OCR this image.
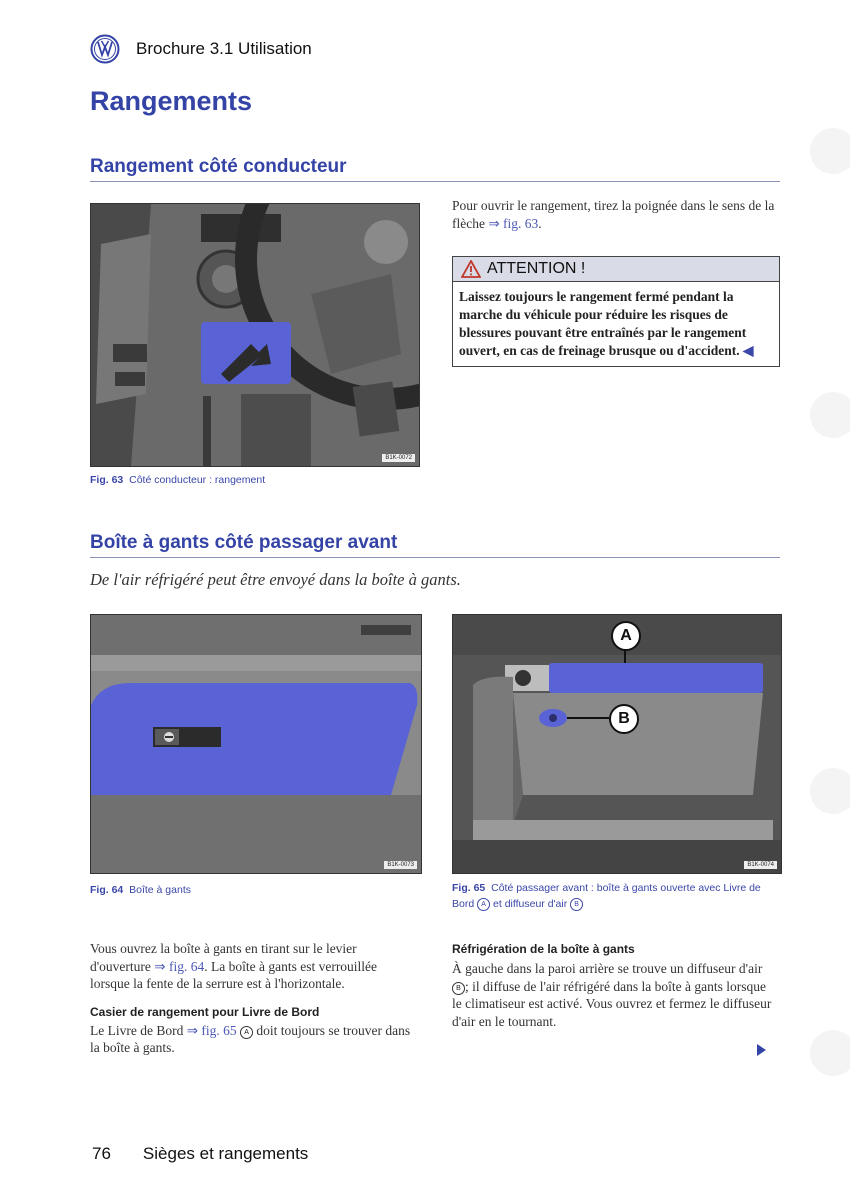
Brochure 3.1 Utilisation
Rangements
Rangement côté conducteur
B1K-0072
Fig. 63 Côté conducteur : rangement

Pour ouvrir le rangement, tirez la poignée dans le sens de la flèche ⇒ fig. 63.

ATTENTION !
Laissez toujours le rangement fermé pendant la marche du véhicule pour réduire les risques de blessures pouvant être entraînés par le rangement ouvert, en cas de freinage brusque ou d'accident. ◀
Boîte à gants côté passager avant

De l'air réfrigéré peut être envoyé dans la boîte à gants.

B1K-0073
A
B
B1K-0074
Fig. 64 Boîte à gants	Fig. 65 Côté passager avant : boîte à gants ouverte avec Livre de Bord A et diffuseur d'air B

Vous ouvrez la boîte à gants en tirant sur le levier d'ouverture ⇒ fig. 64. La boîte à gants est verrouillée lorsque la fente de la serrure est à l'horizontale.

Casier de rangement pour Livre de Bord

Le Livre de Bord ⇒ fig. 65 A doit toujours se trouver dans la boîte à gants.

Réfrigération de la boîte à gants

À gauche dans la paroi arrière se trouve un diffuseur d'air B ; il diffuse de l'air réfrigéré dans la boîte à gants lorsque le climatiseur est activé. Vous ouvrez et fermez le diffuseur d'air en le tournant.

76 Sièges et rangements
